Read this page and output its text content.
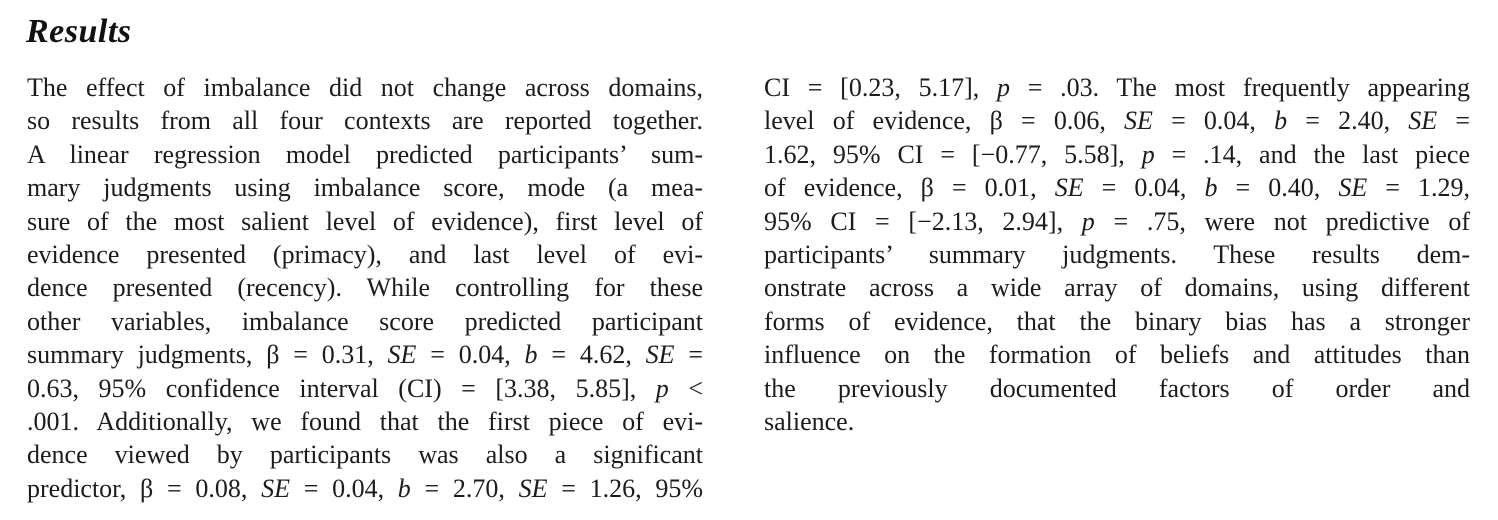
Results
The effect of imbalance did not change across domains,
so results from all four contexts are reported together.
A linear regression model predicted participants’ sum-
mary judgments using imbalance score, mode (a mea-
sure of the most salient level of evidence), first level of
evidence presented (primacy), and last level of evi-
dence presented (recency). While controlling for these
other variables, imbalance score predicted participant
summary judgments, β = 0.31, SE = 0.04, b = 4.62, SE =
0.63, 95% confidence interval (CI) = [3.38, 5.85], p <
.001. Additionally, we found that the first piece of evi-
dence viewed by participants was also a significant
predictor, β = 0.08, SE = 0.04, b = 2.70, SE = 1.26, 95%
CI = [0.23, 5.17], p = .03. The most frequently appearing
level of evidence, β = 0.06, SE = 0.04, b = 2.40, SE =
1.62, 95% CI = [−0.77, 5.58], p = .14, and the last piece
of evidence, β = 0.01, SE = 0.04, b = 0.40, SE = 1.29,
95% CI = [−2.13, 2.94], p = .75, were not predictive of
participants’ summary judgments. These results dem-
onstrate across a wide array of domains, using different
forms of evidence, that the binary bias has a stronger
influence on the formation of beliefs and attitudes than
the previously documented factors of order and
salience.
